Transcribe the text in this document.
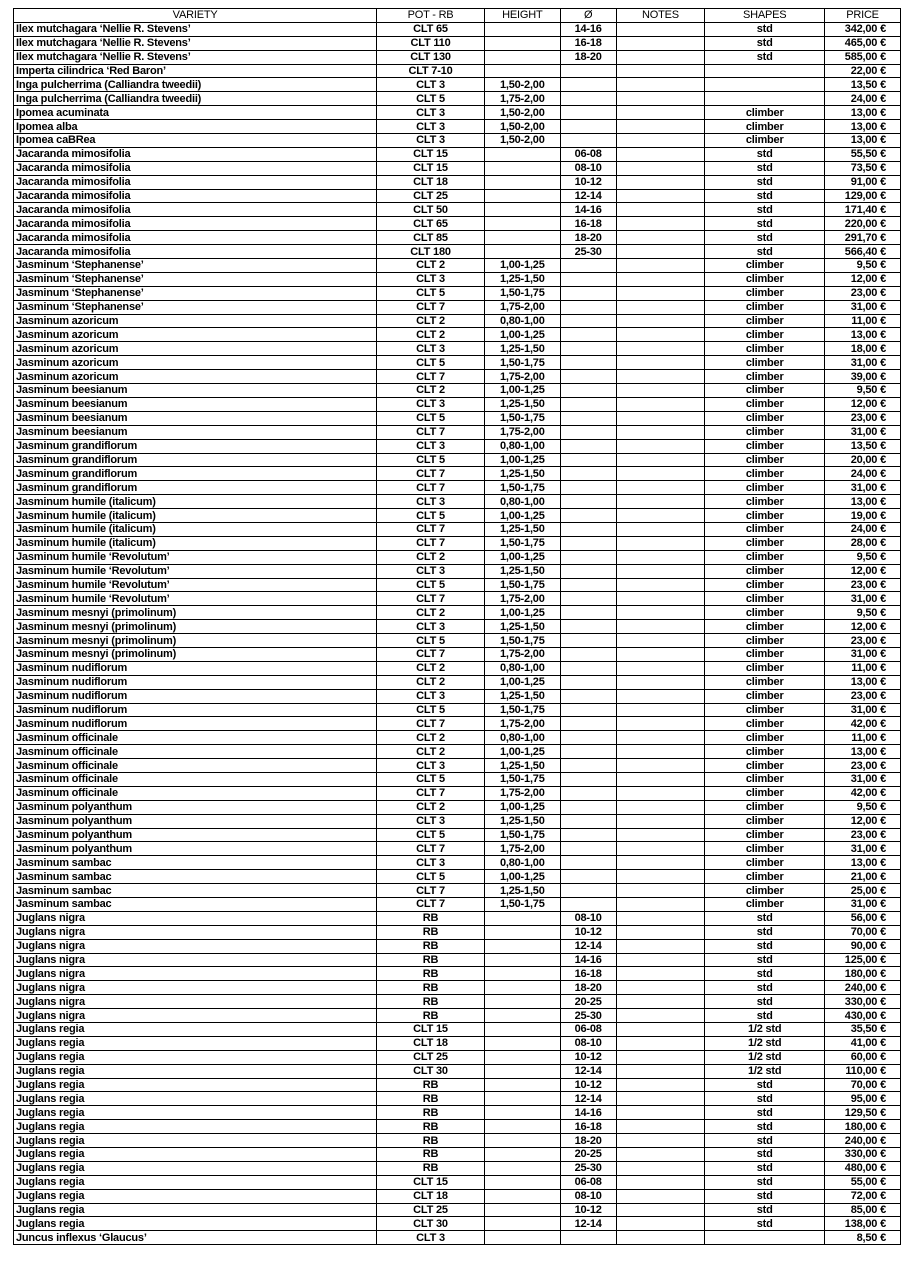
VARIETY	POT - RB	HEIGHT	Ø	NOTES	SHAPES	PRICE
Ilex mutchagara ‘Nellie R. Stevens’	CLT 65		14-16		std	342,00 €
Ilex mutchagara ‘Nellie R. Stevens’	CLT 110		16-18		std	465,00 €
Ilex mutchagara ‘Nellie R. Stevens’	CLT 130		18-20		std	585,00 €
Imperta cilindrica ‘Red Baron’	CLT 7-10					22,00 €
Inga pulcherrima (Calliandra tweedii)	CLT 3	1,50-2,00				13,50 €
Inga pulcherrima (Calliandra tweedii)	CLT 5	1,75-2,00				24,00 €
Ipomea acuminata	CLT 3	1,50-2,00			climber	13,00 €
Ipomea alba	CLT 3	1,50-2,00			climber	13,00 €
Ipomea caBRea	CLT 3	1,50-2,00			climber	13,00 €
Jacaranda mimosifolia	CLT 15		06-08		std	55,50 €
Jacaranda mimosifolia	CLT 15		08-10		std	73,50 €
Jacaranda mimosifolia	CLT 18		10-12		std	91,00 €
Jacaranda mimosifolia	CLT 25		12-14		std	129,00 €
Jacaranda mimosifolia	CLT 50		14-16		std	171,40 €
Jacaranda mimosifolia	CLT 65		16-18		std	220,00 €
Jacaranda mimosifolia	CLT 85		18-20		std	291,70 €
Jacaranda mimosifolia	CLT 180		25-30		std	566,40 €
Jasminum ‘Stephanense’	CLT 2	1,00-1,25			climber	9,50 €
Jasminum ‘Stephanense’	CLT 3	1,25-1,50			climber	12,00 €
Jasminum ‘Stephanense’	CLT 5	1,50-1,75			climber	23,00 €
Jasminum ‘Stephanense’	CLT 7	1,75-2,00			climber	31,00 €
Jasminum azoricum	CLT 2	0,80-1,00			climber	11,00 €
Jasminum azoricum	CLT 2	1,00-1,25			climber	13,00 €
Jasminum azoricum	CLT 3	1,25-1,50			climber	18,00 €
Jasminum azoricum	CLT 5	1,50-1,75			climber	31,00 €
Jasminum azoricum	CLT 7	1,75-2,00			climber	39,00 €
Jasminum beesianum	CLT 2	1,00-1,25			climber	9,50 €
Jasminum beesianum	CLT 3	1,25-1,50			climber	12,00 €
Jasminum beesianum	CLT 5	1,50-1,75			climber	23,00 €
Jasminum beesianum	CLT 7	1,75-2,00			climber	31,00 €
Jasminum grandiflorum	CLT 3	0,80-1,00			climber	13,50 €
Jasminum grandiflorum	CLT 5	1,00-1,25			climber	20,00 €
Jasminum grandiflorum	CLT 7	1,25-1,50			climber	24,00 €
Jasminum grandiflorum	CLT 7	1,50-1,75			climber	31,00 €
Jasminum humile (italicum)	CLT 3	0,80-1,00			climber	13,00 €
Jasminum humile (italicum)	CLT 5	1,00-1,25			climber	19,00 €
Jasminum humile (italicum)	CLT 7	1,25-1,50			climber	24,00 €
Jasminum humile (italicum)	CLT 7	1,50-1,75			climber	28,00 €
Jasminum humile ‘Revolutum’	CLT 2	1,00-1,25			climber	9,50 €
Jasminum humile ‘Revolutum’	CLT 3	1,25-1,50			climber	12,00 €
Jasminum humile ‘Revolutum’	CLT 5	1,50-1,75			climber	23,00 €
Jasminum humile ‘Revolutum’	CLT 7	1,75-2,00			climber	31,00 €
Jasminum mesnyi (primolinum)	CLT 2	1,00-1,25			climber	9,50 €
Jasminum mesnyi (primolinum)	CLT 3	1,25-1,50			climber	12,00 €
Jasminum mesnyi (primolinum)	CLT 5	1,50-1,75			climber	23,00 €
Jasminum mesnyi (primolinum)	CLT 7	1,75-2,00			climber	31,00 €
Jasminum nudiflorum	CLT 2	0,80-1,00			climber	11,00 €
Jasminum nudiflorum	CLT 2	1,00-1,25			climber	13,00 €
Jasminum nudiflorum	CLT 3	1,25-1,50			climber	23,00 €
Jasminum nudiflorum	CLT 5	1,50-1,75			climber	31,00 €
Jasminum nudiflorum	CLT 7	1,75-2,00			climber	42,00 €
Jasminum officinale	CLT 2	0,80-1,00			climber	11,00 €
Jasminum officinale	CLT 2	1,00-1,25			climber	13,00 €
Jasminum officinale	CLT 3	1,25-1,50			climber	23,00 €
Jasminum officinale	CLT 5	1,50-1,75			climber	31,00 €
Jasminum officinale	CLT 7	1,75-2,00			climber	42,00 €
Jasminum polyanthum	CLT 2	1,00-1,25			climber	9,50 €
Jasminum polyanthum	CLT 3	1,25-1,50			climber	12,00 €
Jasminum polyanthum	CLT 5	1,50-1,75			climber	23,00 €
Jasminum polyanthum	CLT 7	1,75-2,00			climber	31,00 €
Jasminum sambac	CLT 3	0,80-1,00			climber	13,00 €
Jasminum sambac	CLT 5	1,00-1,25			climber	21,00 €
Jasminum sambac	CLT 7	1,25-1,50			climber	25,00 €
Jasminum sambac	CLT 7	1,50-1,75			climber	31,00 €
Juglans nigra	RB		08-10		std	56,00 €
Juglans nigra	RB		10-12		std	70,00 €
Juglans nigra	RB		12-14		std	90,00 €
Juglans nigra	RB		14-16		std	125,00 €
Juglans nigra	RB		16-18		std	180,00 €
Juglans nigra	RB		18-20		std	240,00 €
Juglans nigra	RB		20-25		std	330,00 €
Juglans nigra	RB		25-30		std	430,00 €
Juglans regia	CLT 15		06-08		1/2 std	35,50 €
Juglans regia	CLT 18		08-10		1/2 std	41,00 €
Juglans regia	CLT 25		10-12		1/2 std	60,00 €
Juglans regia	CLT 30		12-14		1/2 std	110,00 €
Juglans regia	RB		10-12		std	70,00 €
Juglans regia	RB		12-14		std	95,00 €
Juglans regia	RB		14-16		std	129,50 €
Juglans regia	RB		16-18		std	180,00 €
Juglans regia	RB		18-20		std	240,00 €
Juglans regia	RB		20-25		std	330,00 €
Juglans regia	RB		25-30		std	480,00 €
Juglans regia	CLT 15		06-08		std	55,00 €
Juglans regia	CLT 18		08-10		std	72,00 €
Juglans regia	CLT 25		10-12		std	85,00 €
Juglans regia	CLT 30		12-14		std	138,00 €
Juncus inflexus ‘Glaucus’	CLT 3					8,50 €
